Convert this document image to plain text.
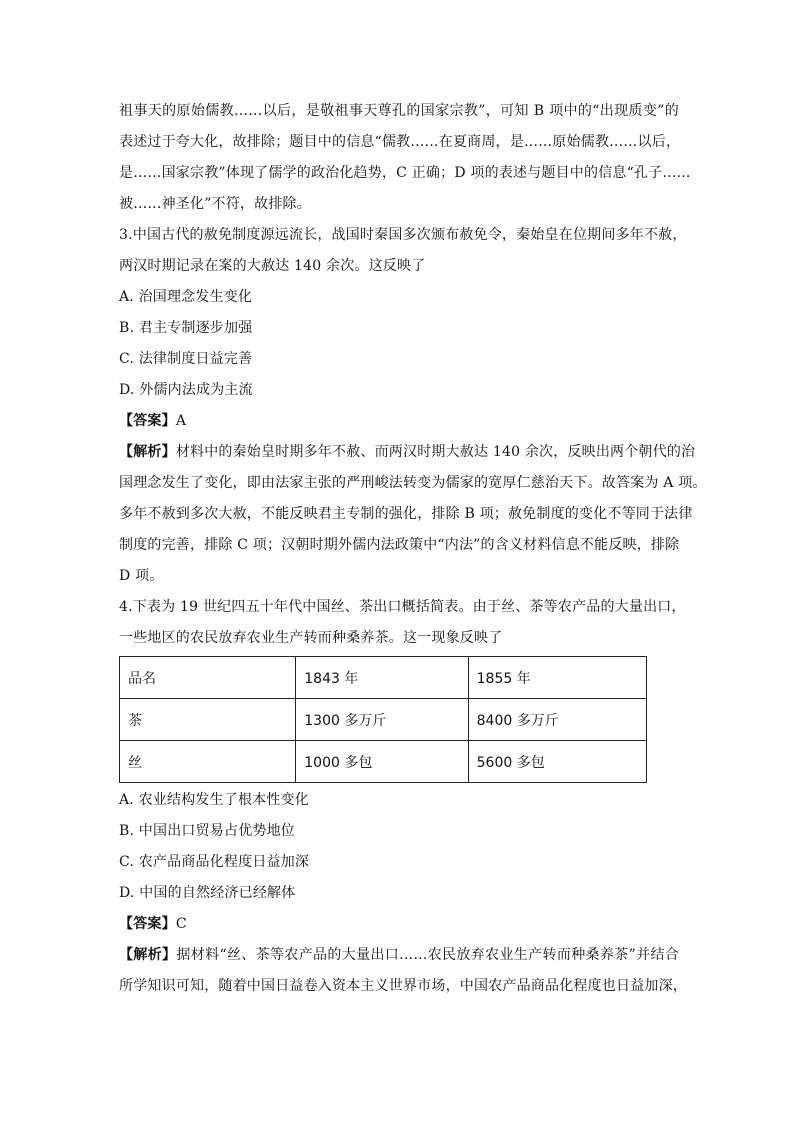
祖事天的原始儒教……以后，是敬祖事天尊孔的国家宗教”，可知 B 项中的“出现质变”的
表述过于夸大化，故排除；题目中的信息“儒教……在夏商周，是……原始儒教……以后，
是……国家宗教”体现了儒学的政治化趋势，C 正确；D 项的表述与题目中的信息“孔子……
被……神圣化”不符，故排除。
3.中国古代的赦免制度源远流长，战国时秦国多次颁布赦免令，秦始皇在位期间多年不赦，
两汉时期记录在案的大赦达 140 余次。这反映了
A. 治国理念发生变化
B. 君主专制逐步加强
C. 法律制度日益完善
D. 外儒内法成为主流
【答案】A
【解析】材料中的秦始皇时期多年不赦、而两汉时期大赦达 140 余次，反映出两个朝代的治
国理念发生了变化，即由法家主张的严刑峻法转变为儒家的宽厚仁慈治天下。故答案为 A 项。
多年不赦到多次大赦，不能反映君主专制的强化，排除 B 项；赦免制度的变化不等同于法律
制度的完善，排除 C 项；汉朝时期外儒内法政策中“内法”的含义材料信息不能反映，排除
D 项。
4.下表为 19 世纪四五十年代中国丝、茶出口概括简表。由于丝、茶等农产品的大量出口，
一些地区的农民放弃农业生产转而种桑养茶。这一现象反映了
品名	1843 年	1855 年
茶	1300 多万斤	8400 多万斤
丝	1000 多包	5600 多包
A. 农业结构发生了根本性变化
B. 中国出口贸易占优势地位
C. 农产品商品化程度日益加深
D. 中国的自然经济已经解体
【答案】C
【解析】据材料“丝、茶等农产品的大量出口……农民放弃农业生产转而种桑养茶”并结合
所学知识可知，随着中国日益卷入资本主义世界市场，中国农产品商品化程度也日益加深，
